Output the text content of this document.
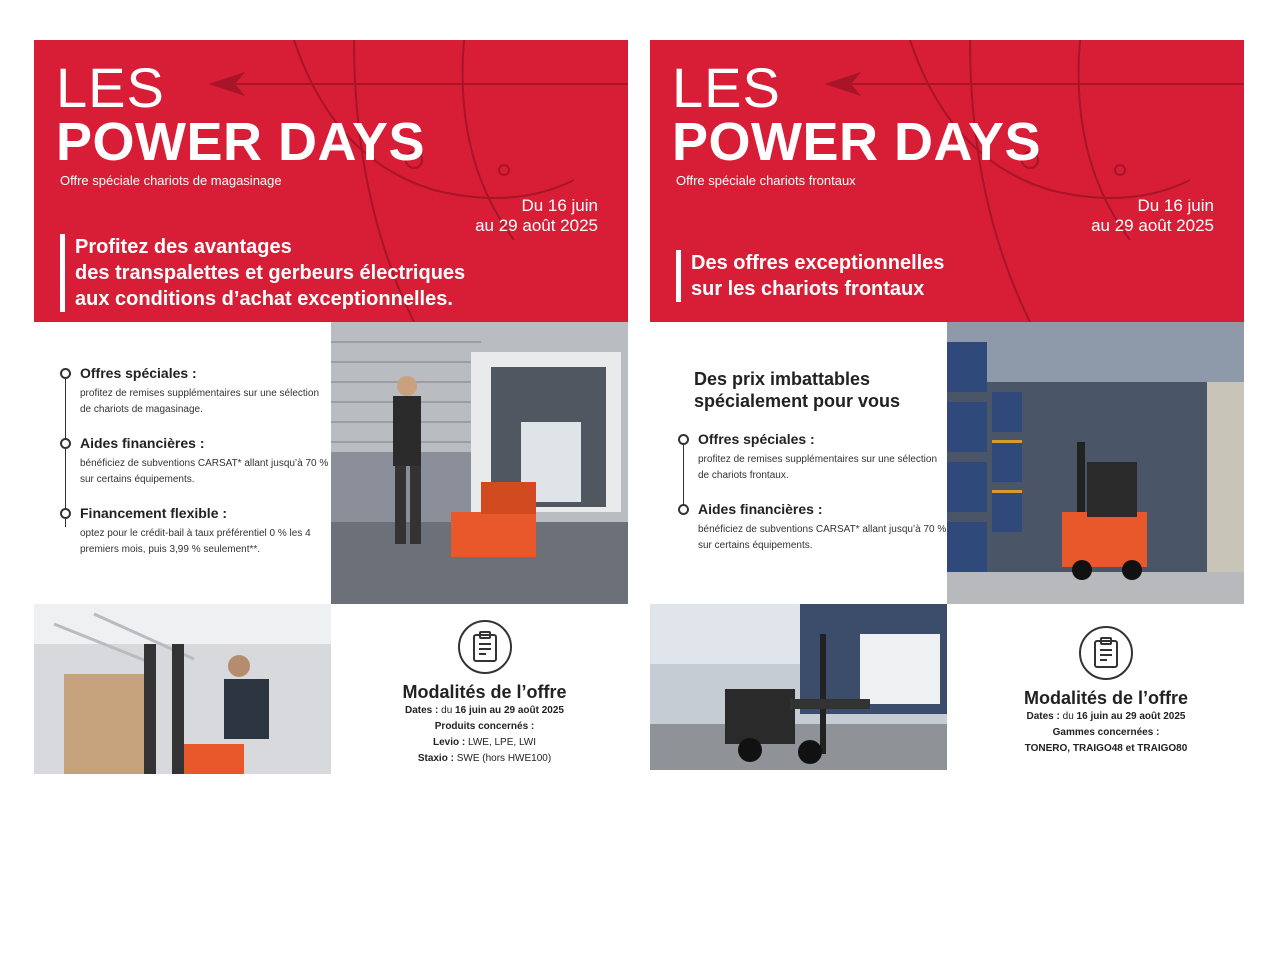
LES
POWER DAYS
Offre spéciale chariots de magasinage
Du 16 juin
au 29 août 2025
Profitez des avantages
des transpalettes et gerbeurs électriques
aux conditions d’achat exceptionnelles.
Offres spéciales :
profitez de remises supplémentaires sur une sélection de chariots de magasinage.
Aides financières :
bénéficiez de subventions CARSAT* allant jusqu’à 70 % sur certains équipements.
Financement flexible :
optez pour le crédit-bail à taux préférentiel 0 % les 4 premiers mois, puis 3,99 % seulement**.
Modalités de l’offre
Dates : du 16 juin au 29 août 2025
Produits concernés :
Levio : LWE, LPE, LWI
Staxio : SWE (hors HWE100)
LES
POWER DAYS
Offre spéciale chariots frontaux
Du 16 juin
au 29 août 2025
Des offres exceptionnelles
sur les chariots frontaux
Des prix imbattables
spécialement pour vous
Offres spéciales :
profitez de remises supplémentaires sur une sélection de chariots frontaux.
Aides financières :
bénéficiez de subventions CARSAT* allant jusqu’à 70 % sur certains équipements.
Modalités de l’offre
Dates : du 16 juin au 29 août 2025
Gammes concernées :
TONERO, TRAIGO48 et TRAIGO80
